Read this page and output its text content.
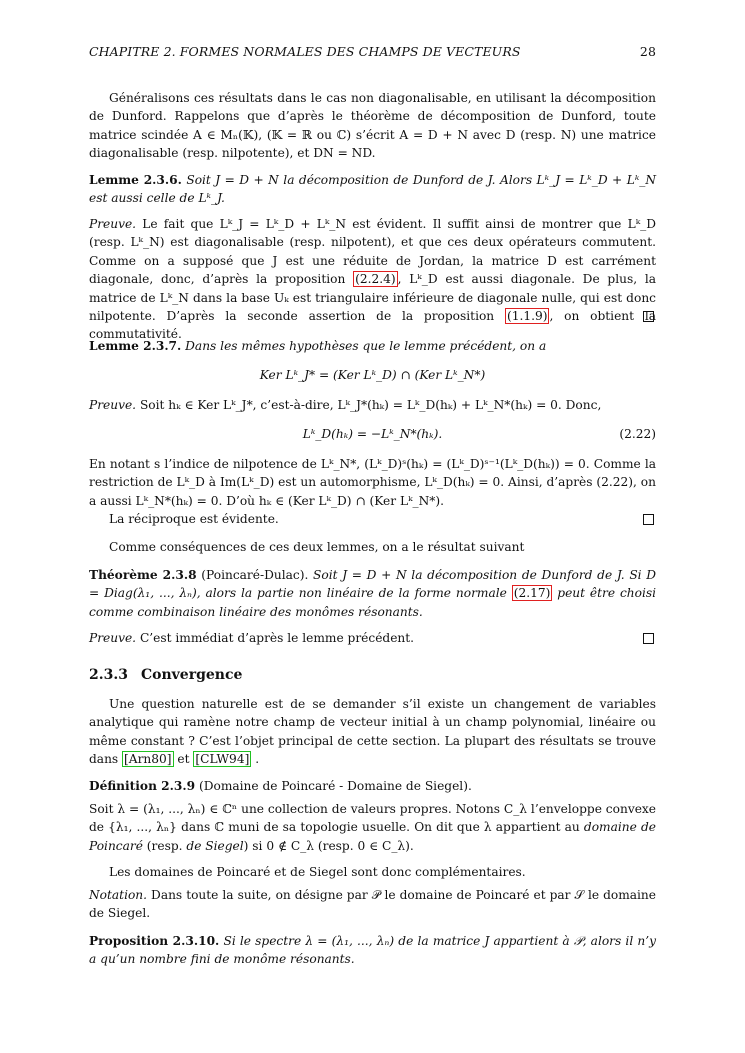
CHAPITRE 2. FORMES NORMALES DES CHAMPS DE VECTEURS	28
Généralisons ces résultats dans le cas non diagonalisable, en utilisant la décomposition de Dunford. Rappelons que d’après le théorème de décomposition de Dunford, toute matrice scindée A ∈ Mₙ(𝕂), (𝕂 = ℝ ou ℂ) s’écrit A = D + N avec D (resp. N) une matrice diagonalisable (resp. nilpotente), et DN = ND.
Lemme 2.3.6. Soit J = D + N la décomposition de Dunford de J. Alors Lᵏ_J = Lᵏ_D + Lᵏ_N est aussi celle de Lᵏ_J.
Preuve. Le fait que Lᵏ_J = Lᵏ_D + Lᵏ_N est évident. Il suffit ainsi de montrer que Lᵏ_D (resp. Lᵏ_N) est diagonalisable (resp. nilpotent), et que ces deux opérateurs commutent. Comme on a supposé que J est une réduite de Jordan, la matrice D est carrément diagonale, donc, d’après la proposition (2.2.4) , Lᵏ_D est aussi diagonale. De plus, la matrice de Lᵏ_N dans la base Uₖ est triangulaire inférieure de diagonale nulle, qui est donc nilpotente. D’après la seconde assertion de la proposition (1.1.9) , on obtient la commutativité.
Lemme 2.3.7. Dans les mêmes hypothèses que le lemme précédent, on a
Ker Lᵏ_J* = (Ker Lᵏ_D) ∩ (Ker Lᵏ_N*)
Preuve. Soit hₖ ∈ Ker Lᵏ_J*, c’est-à-dire, Lᵏ_J*(hₖ) = Lᵏ_D(hₖ) + Lᵏ_N*(hₖ) = 0. Donc,
Lᵏ_D(hₖ) = −Lᵏ_N*(hₖ).	(2.22)
En notant s l’indice de nilpotence de Lᵏ_N*, (Lᵏ_D)ˢ(hₖ) = (Lᵏ_D)ˢ⁻¹(Lᵏ_D(hₖ)) = 0. Comme la restriction de Lᵏ_D à Im(Lᵏ_D) est un automorphisme, Lᵏ_D(hₖ) = 0. Ainsi, d’après (2.22), on a aussi Lᵏ_N*(hₖ) = 0. D’où hₖ ∈ (Ker Lᵏ_D) ∩ (Ker Lᵏ_N*).
La réciproque est évidente.
Comme conséquences de ces deux lemmes, on a le résultat suivant
Théorème 2.3.8 (Poincaré-Dulac). Soit J = D + N la décomposition de Dunford de J. Si D = Diag(λ₁, ..., λₙ), alors la partie non linéaire de la forme normale (2.17) peut être choisi comme combinaison linéaire des monômes résonants.
Preuve. C’est immédiat d’après le lemme précédent.
2.3.3 Convergence
Une question naturelle est de se demander s’il existe un changement de variables analytique qui ramène notre champ de vecteur initial à un champ polynomial, linéaire ou même constant ? C’est l’objet principal de cette section. La plupart des résultats se trouve dans [Arn80] et [CLW94] .
Définition 2.3.9 (Domaine de Poincaré - Domaine de Siegel).
Soit λ = (λ₁, ..., λₙ) ∈ ℂⁿ une collection de valeurs propres. Notons C_λ l’enveloppe convexe de {λ₁, ..., λₙ} dans ℂ muni de sa topologie usuelle. On dit que λ appartient au domaine de Poincaré (resp. de Siegel) si 0 ∉ C_λ (resp. 0 ∈ C_λ).
Les domaines de Poincaré et de Siegel sont donc complémentaires.
Notation. Dans toute la suite, on désigne par 𝒫 le domaine de Poincaré et par 𝒮 le domaine de Siegel.
Proposition 2.3.10. Si le spectre λ = (λ₁, ..., λₙ) de la matrice J appartient à 𝒫, alors il n’y a qu’un nombre fini de monôme résonants.
